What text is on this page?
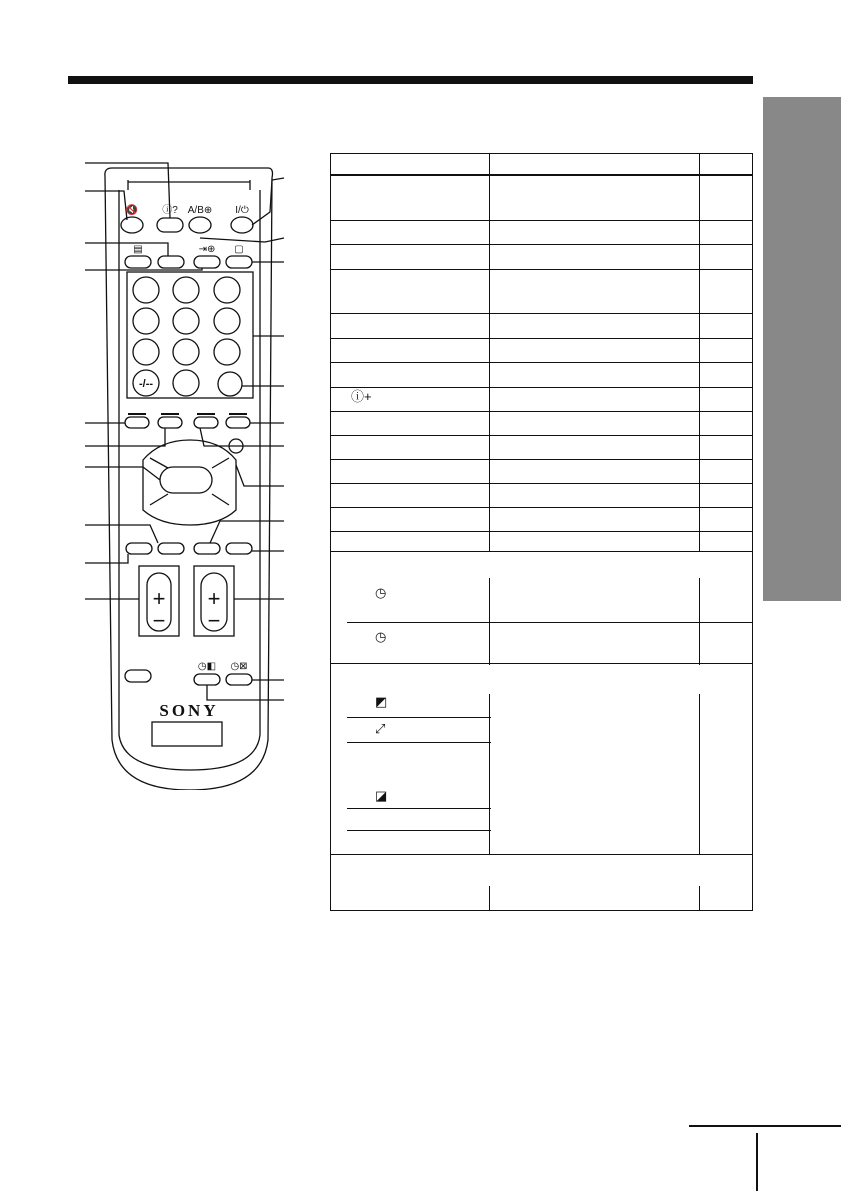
🔇 ⓘ? A/B⊕ I/⏻
▤	⇥⊕ ▢
-/--
+
−
+
−
◷◧ ◷⊠
SONY
ⓘ+
◷
◷
◩
⤢
◪
